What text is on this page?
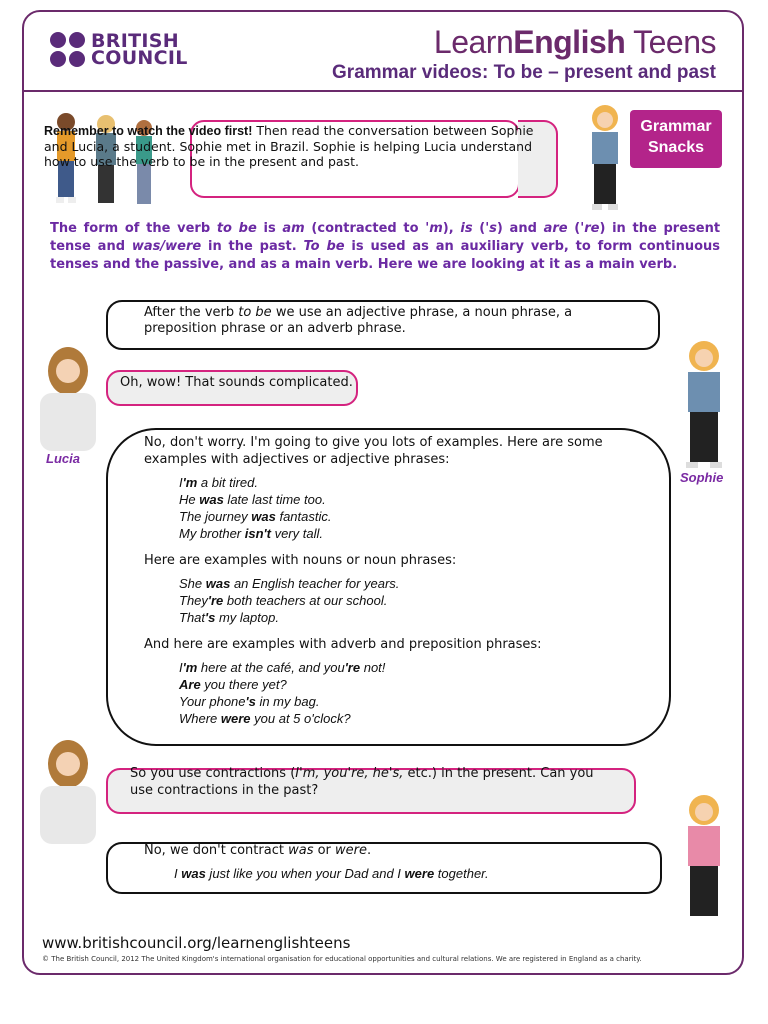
BRITISH
COUNCIL	LearnEnglish Teens
Grammar videos: To be – present and past
Remember to watch the video first! Then read the conversation between Sophie and Lucia, a student. Sophie met in Brazil. Sophie is helping Lucia understand how to use the verb to be in the present and past.
Grammar
Snacks
The form of the verb to be is am (contracted to 'm), is ('s) and are ('re) in the present tense and was/were in the past. To be is used as an auxiliary verb, to form continuous tenses and the passive, and as a main verb. Here we are looking at it as a main verb.
After the verb to be we use an adjective phrase, a noun phrase, a preposition phrase or an adverb phrase.
Lucia
Oh, wow! That sounds complicated.
Sophie

No, don't worry. I'm going to give you lots of examples. Here are some examples with adjectives or adjective phrases:

I'm a bit tired.
He was late last time too.
The journey was fantastic.
My brother isn't very tall.

Here are examples with nouns or noun phrases:

She was an English teacher for years.
They're both teachers at our school.
That's my laptop.

And here are examples with adverb and preposition phrases:

I'm here at the café, and you're not!
Are you there yet?
Your phone's in my bag.
Where were you at 5 o'clock?
So you use contractions (I'm, you're, he's, etc.) in the present. Can you use contractions in the past?
No, we don't contract was or were.
I was just like you when your Dad and I were together.
www.britishcouncil.org/learnenglishteens
© The British Council, 2012 The United Kingdom's international organisation for educational opportunities and cultural relations. We are registered in England as a charity.
